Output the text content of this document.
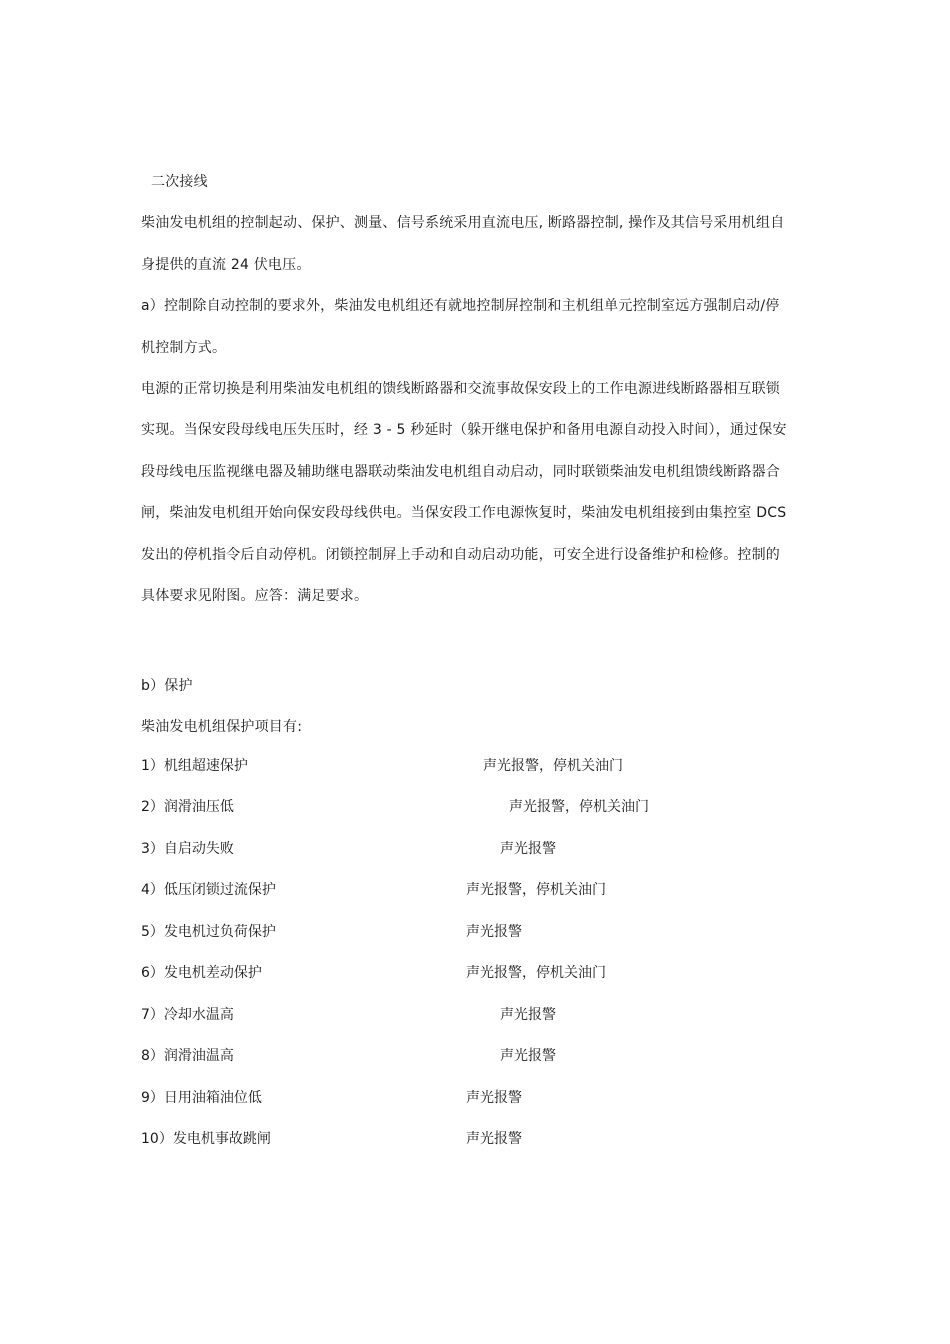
二次接线
柴油发电机组的控制起动、保护、测量、信号系统采用直流电压, 断路器控制, 操作及其信号采用机组自
身提供的直流 24 伏电压。
a）控制除自动控制的要求外，柴油发电机组还有就地控制屏控制和主机组单元控制室远方强制启动/停
机控制方式。
电源的正常切换是利用柴油发电机组的馈线断路器和交流事故保安段上的工作电源进线断路器相互联锁
实现。当保安段母线电压失压时，经 3 - 5 秒延时（躲开继电保护和备用电源自动投入时间），通过保安
段母线电压监视继电器及辅助继电器联动柴油发电机组自动启动，同时联锁柴油发电机组馈线断路器合
闸，柴油发电机组开始向保安段母线供电。当保安段工作电源恢复时，柴油发电机组接到由集控室 DCS
发出的停机指令后自动停机。闭锁控制屏上手动和自动启动功能，可安全进行设备维护和检修。控制的
具体要求见附图。应答：满足要求。
b）保护
柴油发电机组保护项目有:
1）机组超速保护	声光报警，停机关油门
2）润滑油压低	声光报警，停机关油门
3）自启动失败	声光报警
4）低压闭锁过流保护	声光报警，停机关油门
5）发电机过负荷保护	声光报警
6）发电机差动保护	声光报警，停机关油门
7）冷却水温高	声光报警
8）润滑油温高	声光报警
9）日用油箱油位低	声光报警
10）发电机事故跳闸	声光报警
